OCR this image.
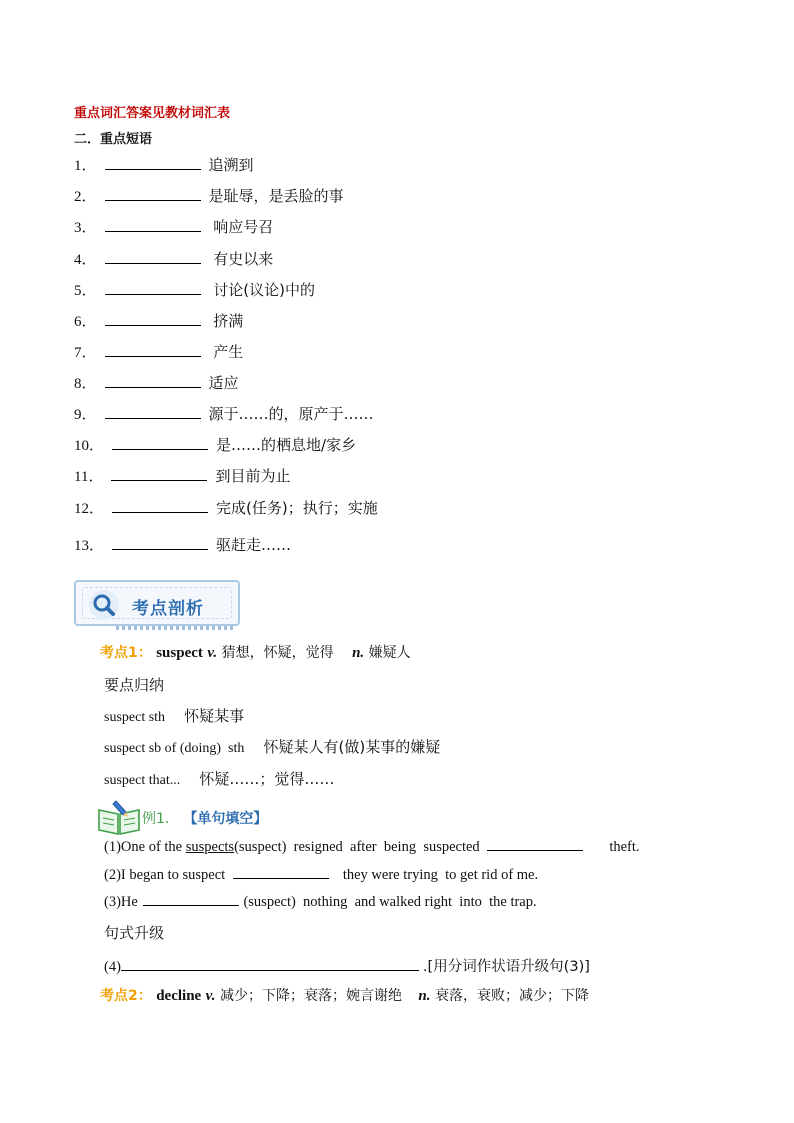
重点词汇答案见教材词汇表
二．重点短语
1．	追溯到
2．	是耻辱，是丢脸的事
3．	响应号召
4．	有史以来
5．	讨论(议论)中的
6．	挤满
7．	产生
8．	适应
9．	源于……的，原产于……
10．	是……的栖息地/家乡
11．	到目前为止
12．	完成(任务)；执行；实施
13．	驱赶走……
考点剖析
考点1： suspect v. 猜想，怀疑，觉得 n. 嫌疑人
要点归纳
suspect sth 怀疑某事
suspect sb of (doing)  sth 怀疑某人有(做)某事的嫌疑
suspect that... 怀疑……；觉得……
例1． 【单句填空】
(1)One of the suspects(suspect)  resigned  after  being  suspected	theft.
(2)I began to suspect	they were trying  to get rid of me.
(3)He	(suspect)  nothing  and walked right  into  the trap.
句式升级
(4)	.[用分词作状语升级句(3)]
考点2： decline v. 减少；下降；衰落；婉言谢绝 n. 衰落，衰败；减少；下降
